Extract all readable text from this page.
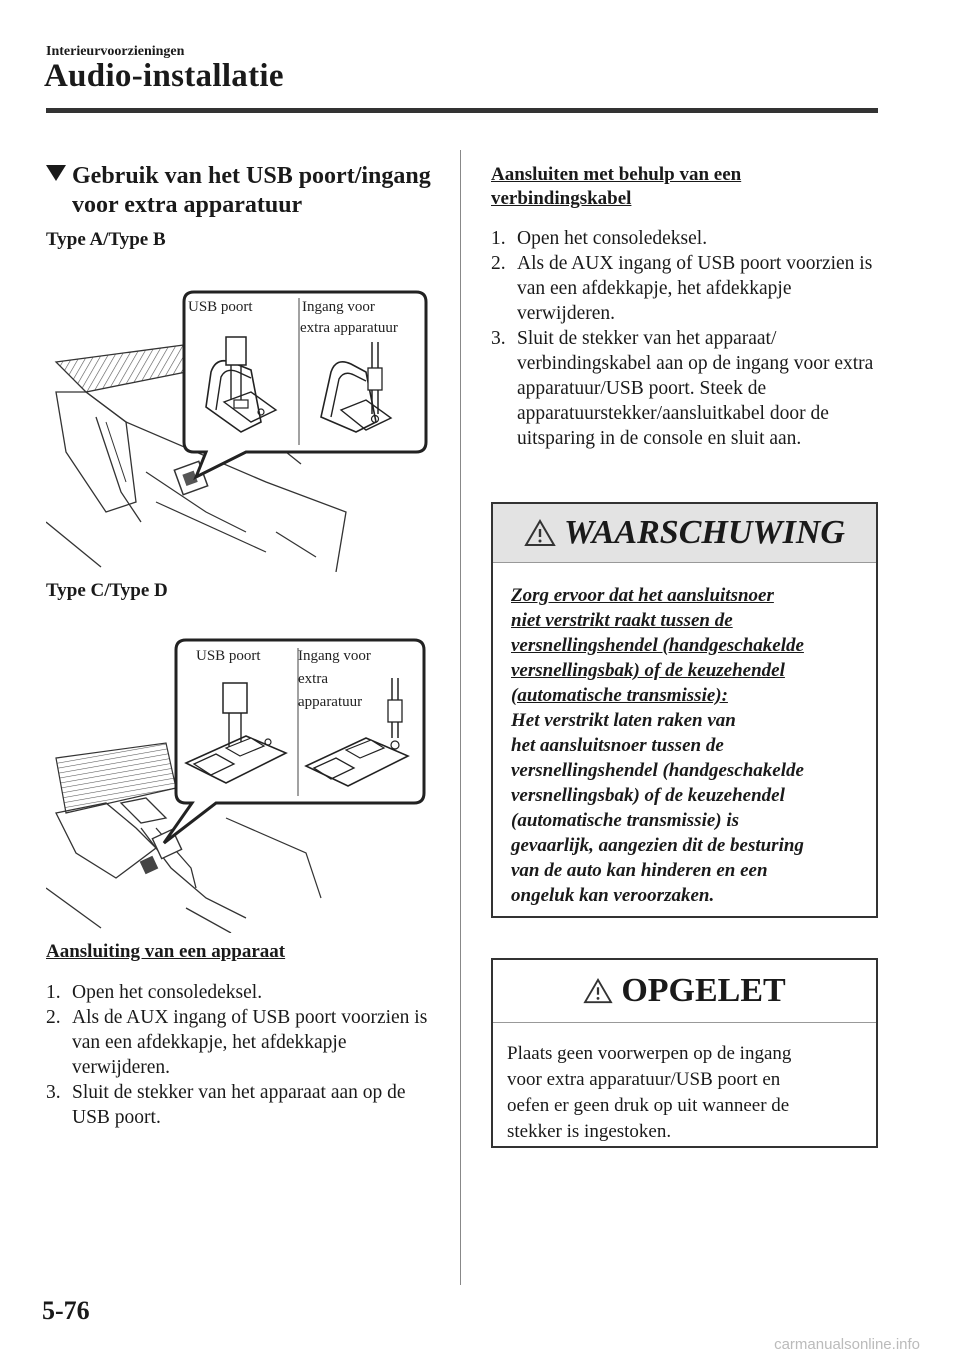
Interieurvoorzieningen
Audio-installatie
Gebruik van het USB poort/ingang
voor extra apparatuur
Type A/Type B
USB poort	Ingang voor
extra apparatuur
Type C/Type D
USB poort Ingang voor
extra
apparatuur
Aansluiting van een apparaat
1. Open het consoledeksel.
2. Als de AUX ingang of USB poort voorzien is van een afdekkapje, het afdekkapje verwijderen.
3. Sluit de stekker van het apparaat aan op de USB poort.
Aansluiten met behulp van een
verbindingskabel
1. Open het consoledeksel.
2. Als de AUX ingang of USB poort voorzien is van een afdekkapje, het afdekkapje verwijderen.
3. Sluit de stekker van het apparaat/ verbindingskabel aan op de ingang voor extra apparatuur/USB poort. Steek de apparatuurstekker/aansluitkabel door de uitsparing in de console en sluit aan.
WAARSCHUWING
Zorg ervoor dat het aansluitsnoer
niet verstrikt raakt tussen de
versnellingshendel (handgeschakelde
versnellingsbak) of de keuzehendel
(automatische transmissie):
Het verstrikt laten raken van
het aansluitsnoer tussen de
versnellingshendel (handgeschakelde
versnellingsbak) of de keuzehendel
(automatische transmissie) is
gevaarlijk, aangezien dit de besturing
van de auto kan hinderen en een
ongeluk kan veroorzaken.
OPGELET
Plaats geen voorwerpen op de ingang
voor extra apparatuur/USB poort en
oefen er geen druk op uit wanneer de
stekker is ingestoken.
5-76
carmanualsonline.info
